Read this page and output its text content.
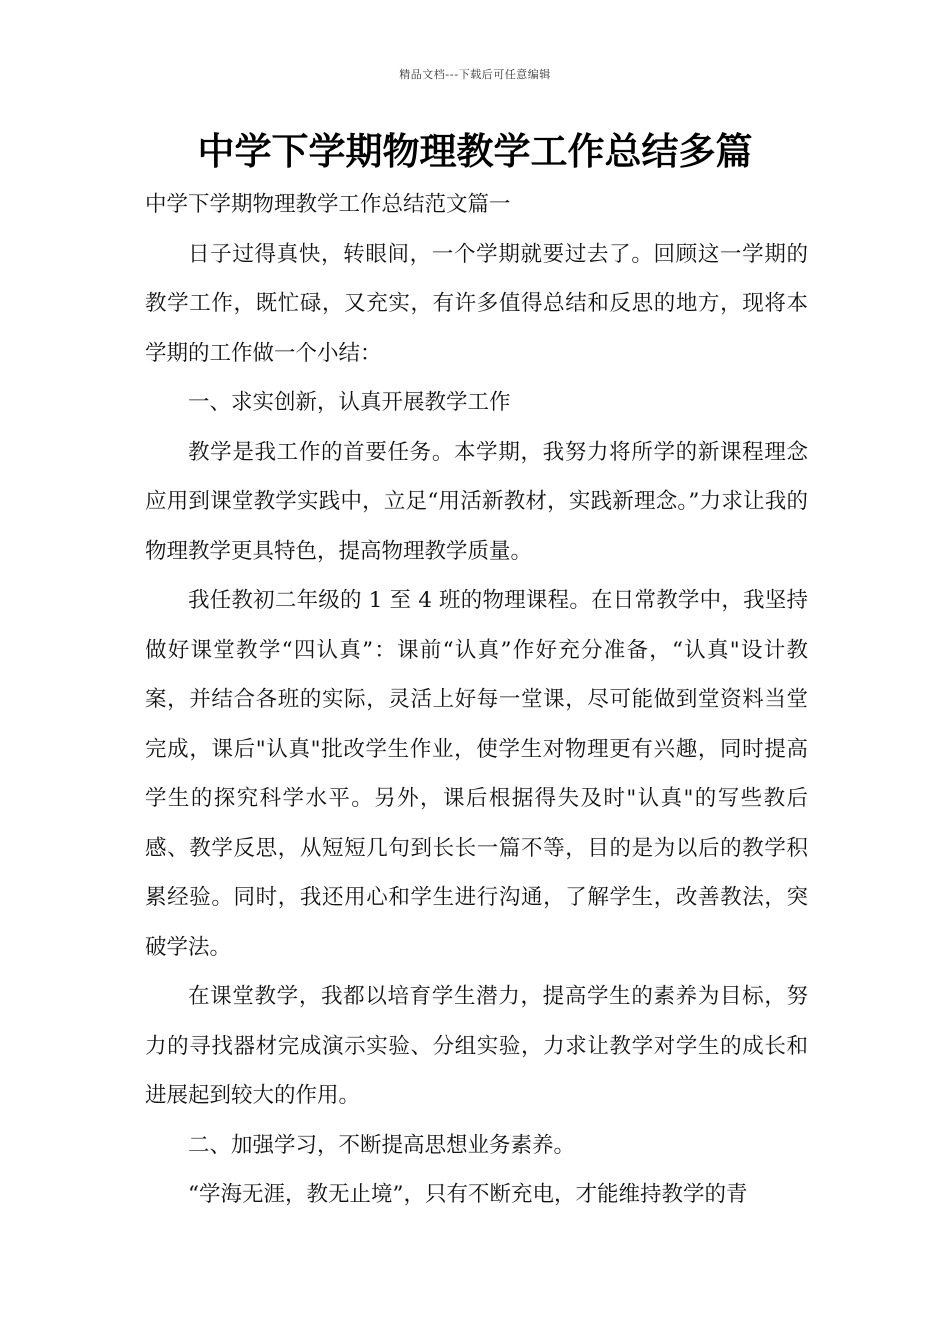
精品文档---下载后可任意编辑
中学下学期物理教学工作总结多篇

中学下学期物理教学工作总结范文篇一

日子过得真快，转眼间，一个学期就要过去了。回顾这一学期的教学工作，既忙碌，又充实，有许多值得总结和反思的地方，现将本学期的工作做一个小结：

一、求实创新，认真开展教学工作

教学是我工作的首要任务。本学期，我努力将所学的新课程理念应用到课堂教学实践中，立足“用活新教材，实践新理念。”力求让我的物理教学更具特色，提高物理教学质量。

我任教初二年级的 1 至 4 班的物理课程。在日常教学中，我坚持做好课堂教学“四认真”：课前“认真”作好充分准备，“认真"设计教案，并结合各班的实际，灵活上好每一堂课，尽可能做到堂资料当堂完成，课后"认真"批改学生作业，使学生对物理更有兴趣，同时提高学生的探究科学水平。另外，课后根据得失及时"认真"的写些教后感、教学反思，从短短几句到长长一篇不等，目的是为以后的教学积累经验。同时，我还用心和学生进行沟通，了解学生，改善教法，突破学法。

在课堂教学，我都以培育学生潜力，提高学生的素养为目标，努力的寻找器材完成演示实验、分组实验，力求让教学对学生的成长和进展起到较大的作用。

二、加强学习，不断提高思想业务素养。

“学海无涯，教无止境”，只有不断充电，才能维持教学的青
